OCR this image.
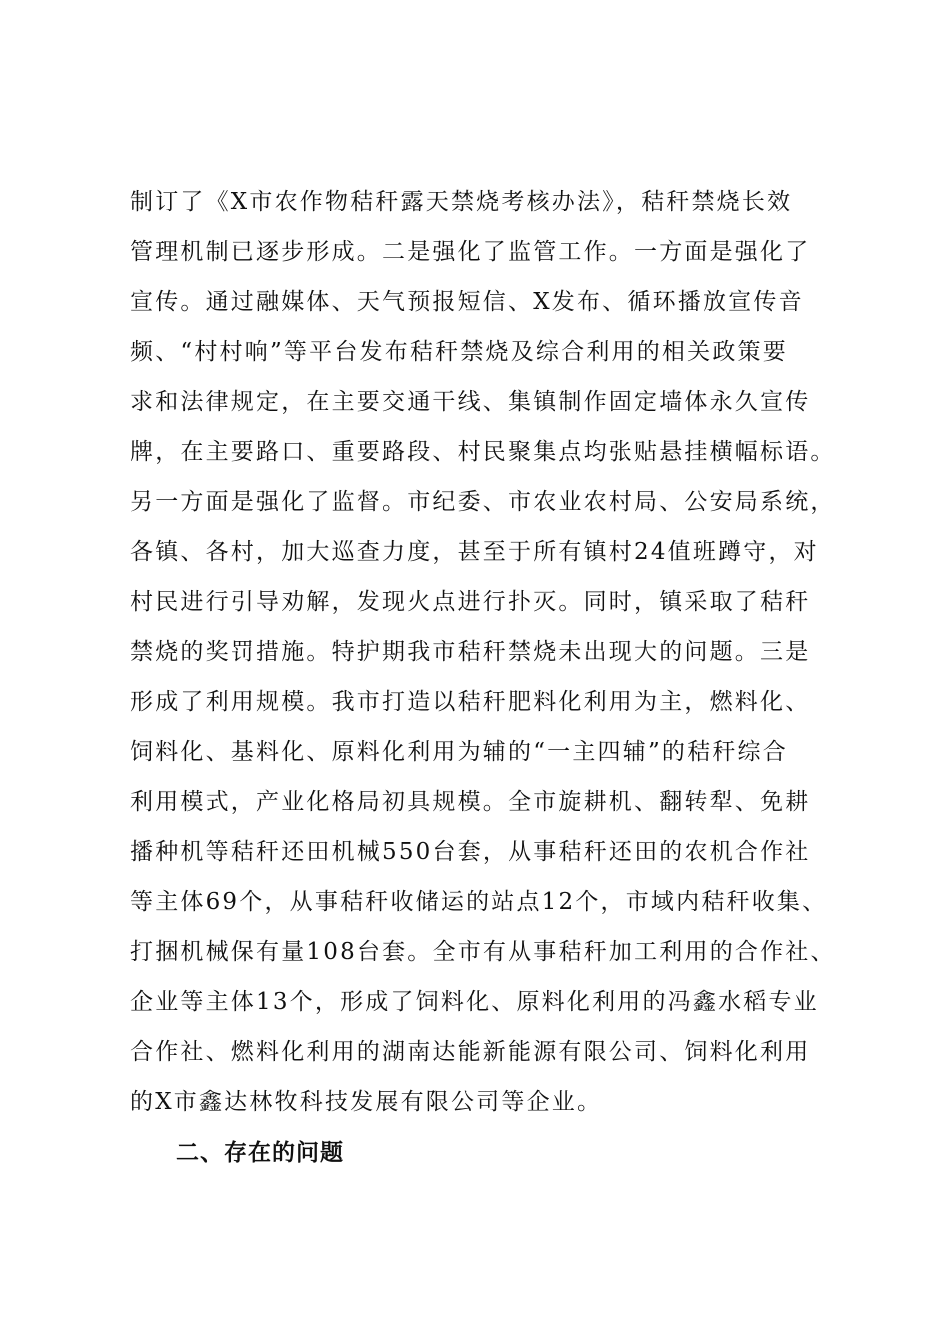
制订了《X市农作物秸秆露天禁烧考核办法》，秸秆禁烧长效
管理机制已逐步形成。二是强化了监管工作。一方面是强化了
宣传。通过融媒体、天气预报短信、X发布、循环播放宣传音
频、“村村响”等平台发布秸秆禁烧及综合利用的相关政策要
求和法律规定，在主要交通干线、集镇制作固定墙体永久宣传
牌，在主要路口、重要路段、村民聚集点均张贴悬挂横幅标语。
另一方面是强化了监督。市纪委、市农业农村局、公安局系统，
各镇、各村，加大巡查力度，甚至于所有镇村24值班蹲守，对
村民进行引导劝解，发现火点进行扑灭。同时，镇采取了秸秆
禁烧的奖罚措施。特护期我市秸秆禁烧未出现大的问题。三是
形成了利用规模。我市打造以秸秆肥料化利用为主，燃料化、
饲料化、基料化、原料化利用为辅的“一主四辅”的秸秆综合
利用模式，产业化格局初具规模。全市旋耕机、翻转犁、免耕
播种机等秸秆还田机械550台套，从事秸秆还田的农机合作社
等主体69个，从事秸秆收储运的站点12个，市域内秸秆收集、
打捆机械保有量108台套。全市有从事秸秆加工利用的合作社、
企业等主体13个，形成了饲料化、原料化利用的冯鑫水稻专业
合作社、燃料化利用的湖南达能新能源有限公司、饲料化利用
的X市鑫达林牧科技发展有限公司等企业。
二、存在的问题
